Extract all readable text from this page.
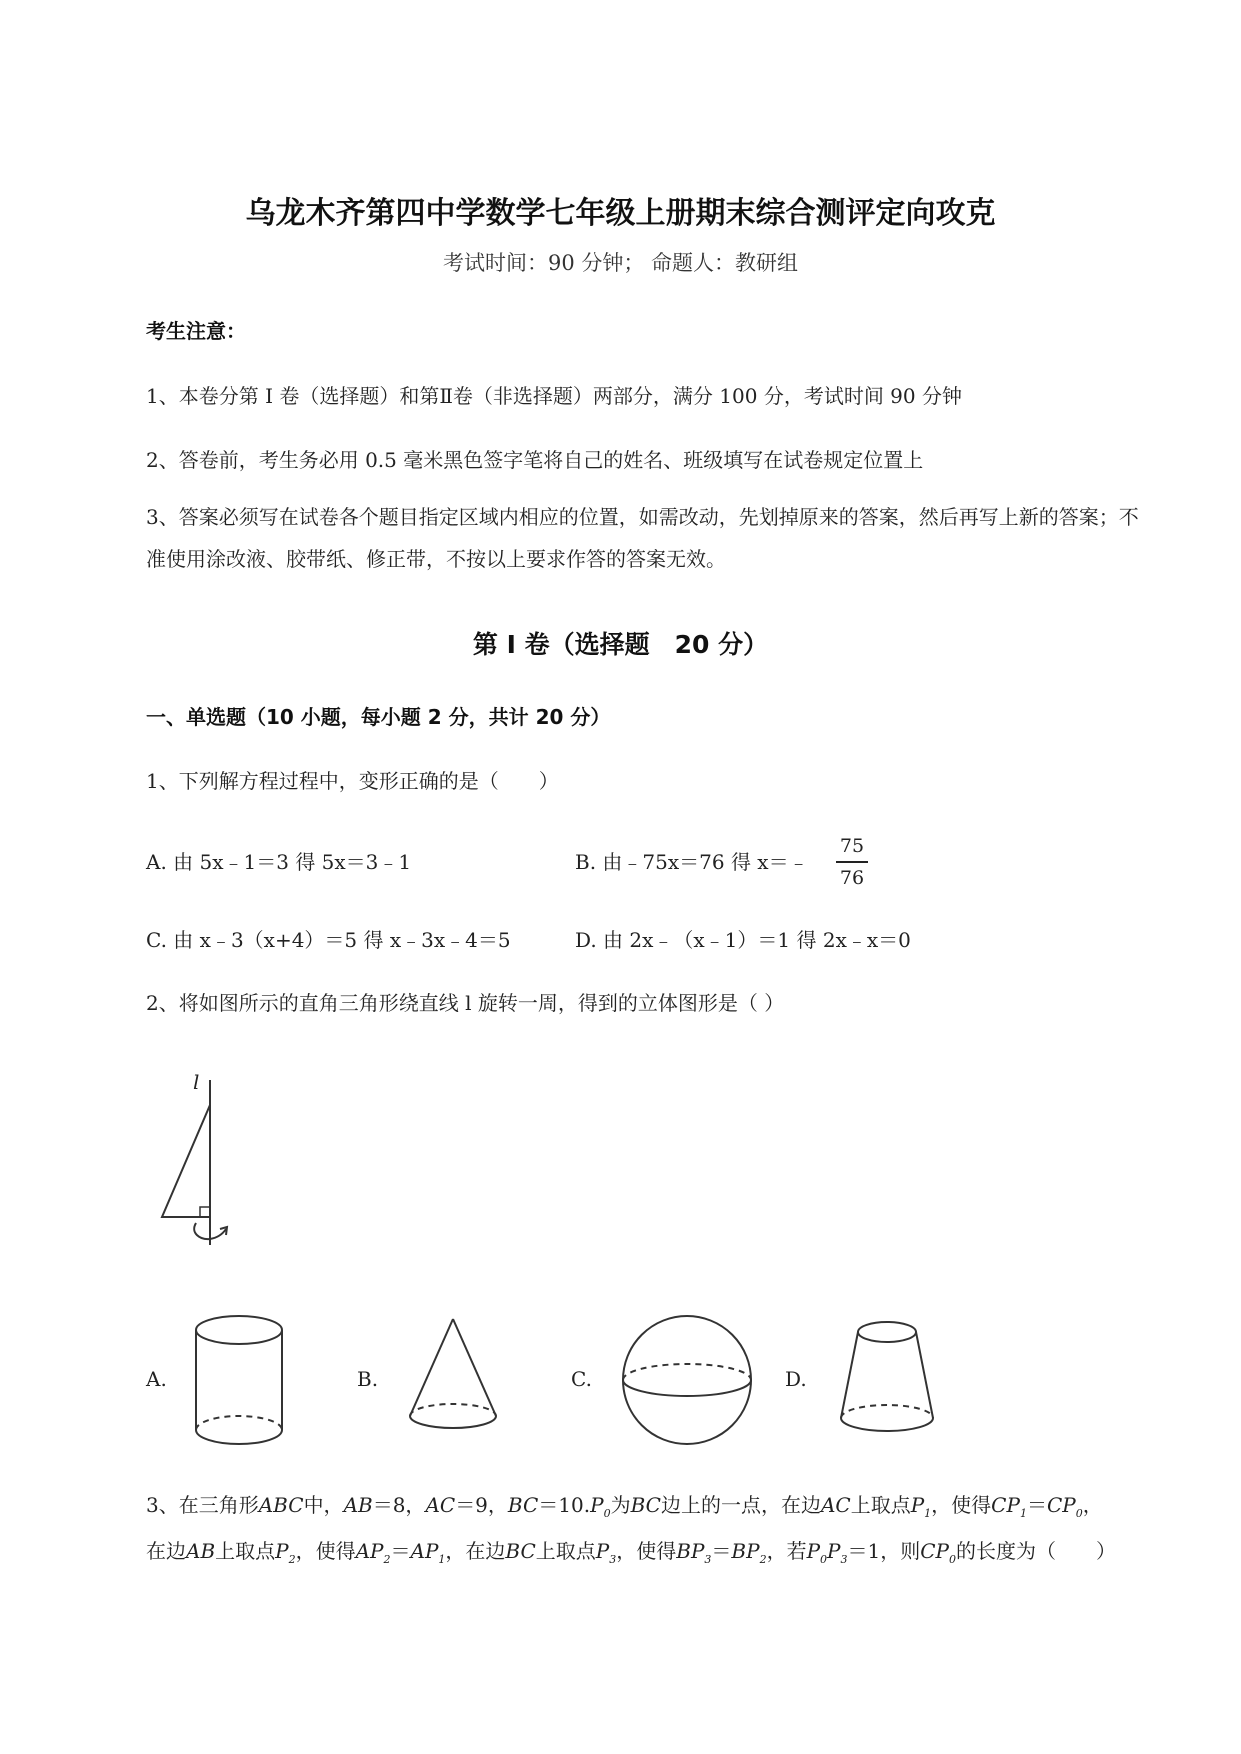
乌龙木齐第四中学数学七年级上册期末综合测评定向攻克
考试时间：90 分钟； 命题人：教研组
考生注意：
1、本卷分第 I 卷（选择题）和第Ⅱ卷（非选择题）两部分，满分 100 分，考试时间 90 分钟
2、答卷前，考生务必用 0.5 毫米黑色签字笔将自己的姓名、班级填写在试卷规定位置上
3、答案必须写在试卷各个题目指定区域内相应的位置，如需改动，先划掉原来的答案，然后再写上新的答案；不准使用涂改液、胶带纸、修正带，不按以上要求作答的答案无效。
第 I 卷（选择题　20 分）
一、单选题（10 小题，每小题 2 分，共计 20 分）
1、下列解方程过程中，变形正确的是（　　）
A. 由 5x﹣1＝3 得 5x＝3﹣1	B. 由﹣75x＝76 得 x＝﹣
75
76
C. 由 x﹣3（x+4）＝5 得 x﹣3x﹣4＝5	D. 由 2x﹣（x﹣1）＝1 得 2x﹣x＝0
2、将如图所示的直角三角形绕直线 l 旋转一周，得到的立体图形是（ ）
l
A.	B.	C.	D.
3、在三角形ABC中，AB＝8，AC＝9，$BC=10.P_0$为BC边上的一点，在边AC上取点$P_1$，使得$CP_1=CP_0$，
在边AB上取点$P_2$，使得$AP_2=AP_1$，在边BC上取点$P_3$，使得$BP_3=BP_2$，若$P_0P_3=1$，则$CP_0$的长度为（　　）
